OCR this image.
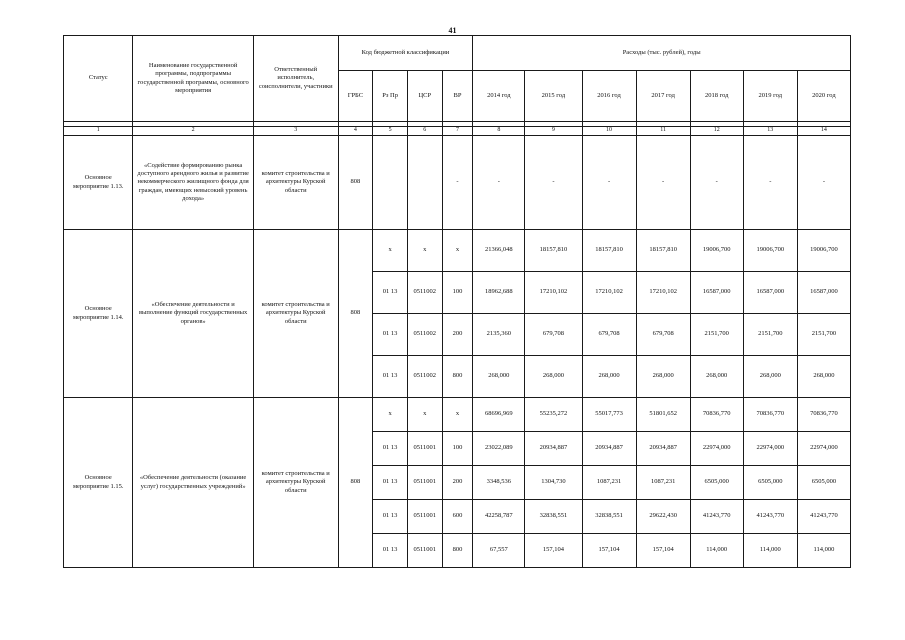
41
Статус	Наименование государственной программы, подпрограммы государственной программы, основного мероприятия	Ответственный исполнитель, соисполнители, участники	Код бюджетной классификации				Расходы (тыс. рублей), годы						
			ГРБС	Рз Пр	ЦСР	ВР	2014 год	2015 год	2016 год	2017 год	2018 год	2019 год	2020 год

1	2	3	4	5	6	7	8	9	10	11	12	13	14
Основное мероприятие 1.13.	«Содействие формированию рынка доступного арендного жилья и развитие некоммерческого жилищного фонда для граждан, имеющих невысокий уровень дохода»	комитет строительства и архитектуры Курской области	808			-	-	-	-	-	-	-	-
Основное мероприятие 1.14.	«Обеспечение деятельности и выполнение функций государственных органов»	комитет строительства и архитектуры Курской области	808	х	х	х	21366,048	18157,810	18157,810	18157,810	19006,700	19006,700	19006,700
				01 13	0511002	100	18962,688	17210,102	17210,102	17210,102	16587,000	16587,000	16587,000
				01 13	0511002	200	2135,360	679,708	679,708	679,708	2151,700	2151,700	2151,700
				01 13	0511002	800	268,000	268,000	268,000	268,000	268,000	268,000	268,000
Основное мероприятие 1.15.	«Обеспечение деятельности (оказание услуг) государственных учреждений»	комитет строительства и архитектуры Курской области	808	х	х	х	68696,969	55235,272	55017,773	51801,652	70836,770	70836,770	70836,770
				01 13	0511001	100	23022,089	20934,887	20934,887	20934,887	22974,000	22974,000	22974,000
				01 13	0511001	200	3348,536	1304,730	1087,231	1087,231	6505,000	6505,000	6505,000
				01 13	0511001	600	42258,787	32838,551	32838,551	29622,430	41243,770	41243,770	41243,770
				01 13	0511001	800	67,557	157,104	157,104	157,104	114,000	114,000	114,000
